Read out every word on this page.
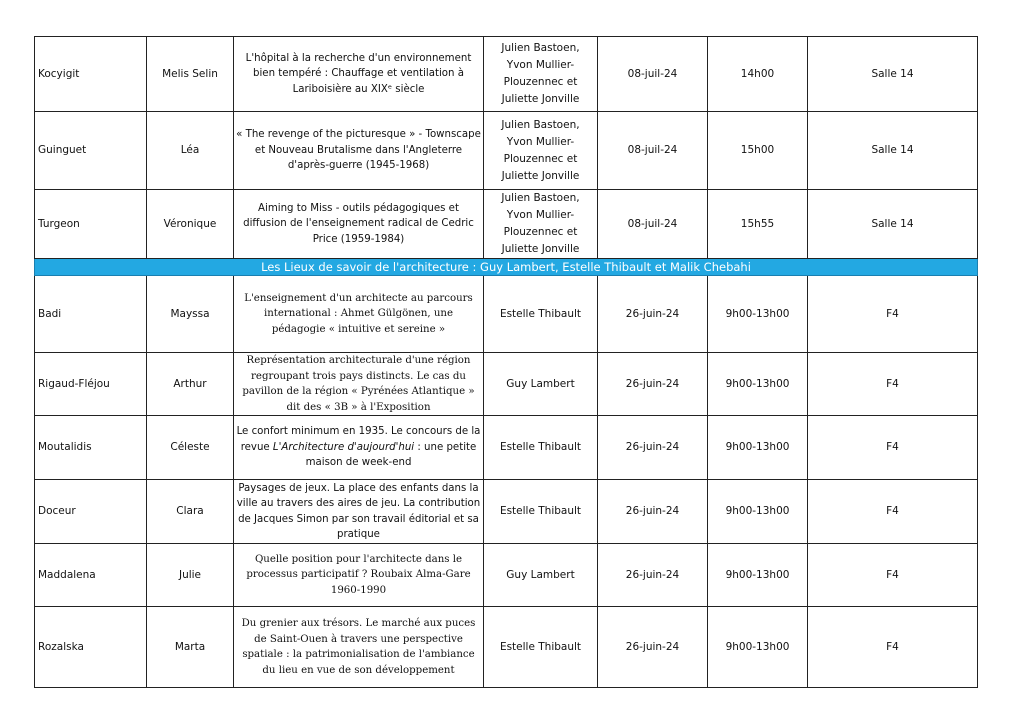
Kocyigit	Melis Selin	L'hôpital à la recherche d'un environnement bien tempéré : Chauffage et ventilation à Lariboisière au XIXᵉ siècle	Julien Bastoen, Yvon Mullier-Plouzennec et Juliette Jonville	08-juil-24	14h00	Salle 14
Guinguet	Léa	« The revenge of the picturesque » - Townscape et Nouveau Brutalisme dans l'Angleterre d'après-guerre (1945-1968)	Julien Bastoen, Yvon Mullier-Plouzennec et Juliette Jonville	08-juil-24	15h00	Salle 14
Turgeon	Véronique	Aiming to Miss - outils pédagogiques et diffusion de l'enseignement radical de Cedric Price (1959-1984)	Julien Bastoen, Yvon Mullier-Plouzennec et Juliette Jonville	08-juil-24	15h55	Salle 14
Les Lieux de savoir de l'architecture : Guy Lambert, Estelle Thibault et Malik Chebahi						
Badi	Mayssa	L'enseignement d'un architecte au parcours international : Ahmet Gülgönen, une pédagogie « intuitive et sereine »	Estelle Thibault	26-juin-24	9h00-13h00	F4
Rigaud-Fléjou	Arthur	Représentation architecturale d'une région regroupant trois pays distincts. Le cas du pavillon de la région « Pyrénées Atlantique » dit des « 3B » à l'Exposition	Guy Lambert	26-juin-24	9h00-13h00	F4
Moutalidis	Céleste	Le confort minimum en 1935. Le concours de la revue L'Architecture d'aujourd'hui : une petite maison de week-end	Estelle Thibault	26-juin-24	9h00-13h00	F4
Doceur	Clara	Paysages de jeux. La place des enfants dans la ville au travers des aires de jeu. La contribution de Jacques Simon par son travail éditorial et sa pratique	Estelle Thibault	26-juin-24	9h00-13h00	F4
Maddalena	Julie	Quelle position pour l'architecte dans le processus participatif ? Roubaix Alma-Gare 1960-1990	Guy Lambert	26-juin-24	9h00-13h00	F4
Rozalska	Marta	Du grenier aux trésors. Le marché aux puces de Saint-Ouen à travers une perspective spatiale : la patrimonialisation de l'ambiance du lieu en vue de son développement	Estelle Thibault	26-juin-24	9h00-13h00	F4
